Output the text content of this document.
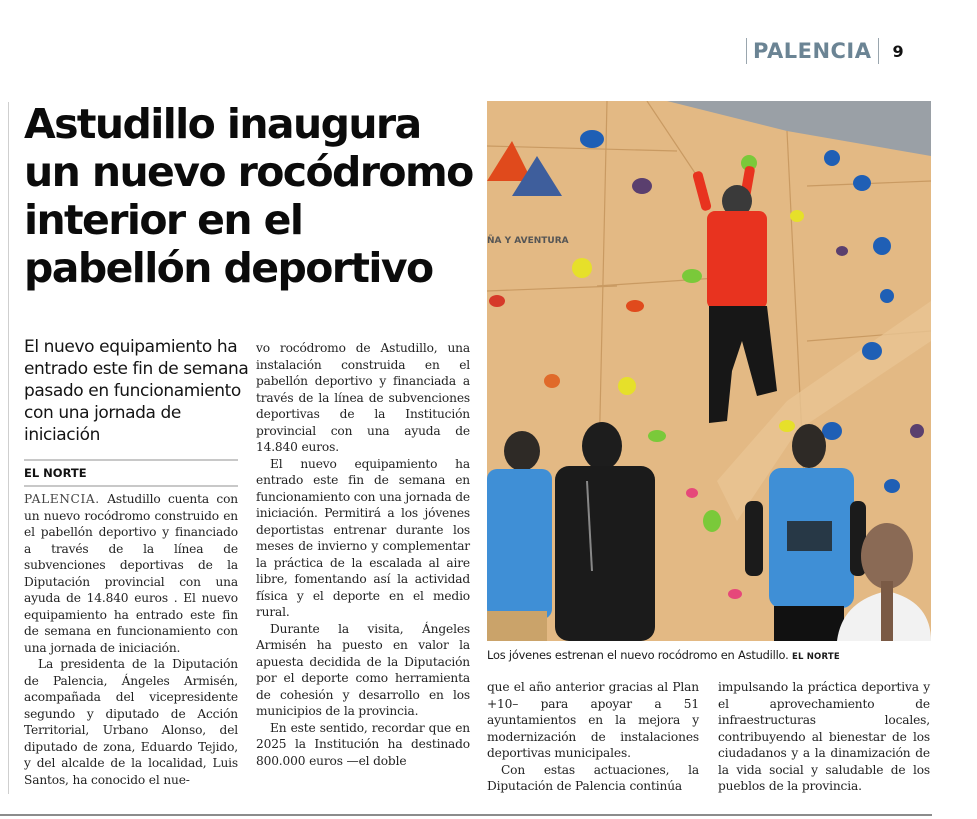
PALENCIA	9
Astudillo inaugura un nuevo rocódromo interior en el pabellón deportivo
El nuevo equipamiento ha entrado este fin de semana pasado en funcionamiento con una jornada de iniciación
EL NORTE

PALENCIA. Astudillo cuenta con un nuevo rocódromo construido en el pabellón deportivo y financiado a través de la línea de subvenciones deportivas de la Diputación provincial con una ayuda de 14.840 euros . El nuevo equipamiento ha entrado este fin de semana en funcionamiento con una jornada de iniciación.

La presidenta de la Diputación de Palencia, Ángeles Armisén, acompañada del vicepresidente segundo y diputado de Acción Territorial, Urbano Alonso, del diputado de zona, Eduardo Tejido, y del alcalde de la localidad, Luis Santos, ha conocido el nue-

vo rocódromo de Astudillo, una instalación construida en el pabellón deportivo y financiada a través de la línea de subvenciones deportivas de la Institución provincial con una ayuda de 14.840 euros.

El nuevo equipamiento ha entrado este fin de semana en funcionamiento con una jornada de iniciación. Permitirá a los jóvenes deportistas entrenar durante los meses de invierno y complementar la práctica de la escalada al aire libre, fomentando así la actividad física y el deporte en el medio rural.

Durante la visita, Ángeles Armisén ha puesto en valor la apuesta decidida de la Diputación por el deporte como herramienta de cohesión y desarrollo en los municipios de la provincia.

En este sentido, recordar que en 2025 la Institución ha destinado 800.000 euros —el doble

ÑA Y AVENTURA
Los jóvenes estrenan el nuevo rocódromo en Astudillo. EL NORTE

que el año anterior gracias al Plan +10– para apoyar a 51 ayuntamientos en la mejora y modernización de instalaciones deportivas municipales.

Con estas actuaciones, la Diputación de Palencia continúa

impulsando la práctica deportiva y el aprovechamiento de infraestructuras locales, contribuyendo al bienestar de los ciudadanos y a la dinamización de la vida social y saludable de los pueblos de la provincia.
